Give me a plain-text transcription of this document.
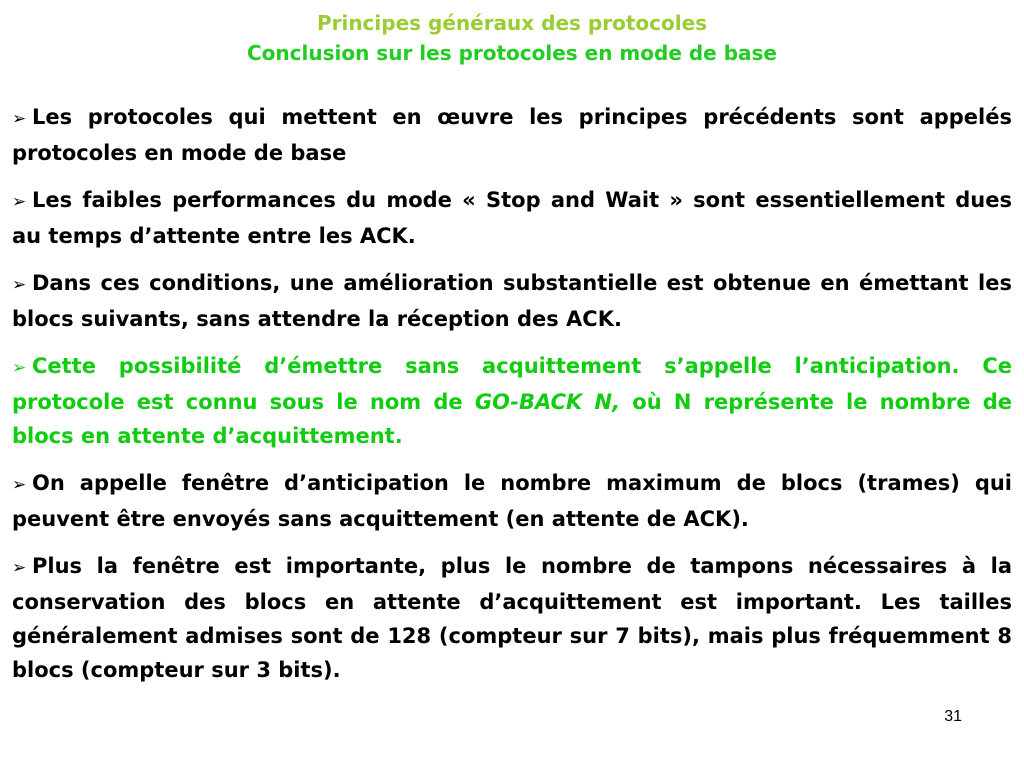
Principes généraux des protocoles
Conclusion sur les protocoles en mode de base

➢ Les protocoles qui mettent en œuvre les principes précédents sont appelés protocoles en mode de base

➢ Les faibles performances du mode « Stop and Wait » sont essentiellement dues au temps d’attente entre les ACK.

➢ Dans ces conditions, une amélioration substantielle est obtenue en émettant les blocs suivants, sans attendre la réception des ACK.

➢ Cette possibilité d’émettre sans acquittement s’appelle l’anticipation. Ce protocole est connu sous le nom de GO-BACK N, où N représente le nombre de blocs en attente d’acquittement.

➢ On appelle fenêtre d’anticipation le nombre maximum de blocs (trames) qui peuvent être envoyés sans acquittement (en attente de ACK).

➢ Plus la fenêtre est importante, plus le nombre de tampons nécessaires à la conservation des blocs en attente d’acquittement est important. Les tailles généralement admises sont de 128 (compteur sur 7 bits), mais plus fréquemment 8 blocs (compteur sur 3 bits).

31
